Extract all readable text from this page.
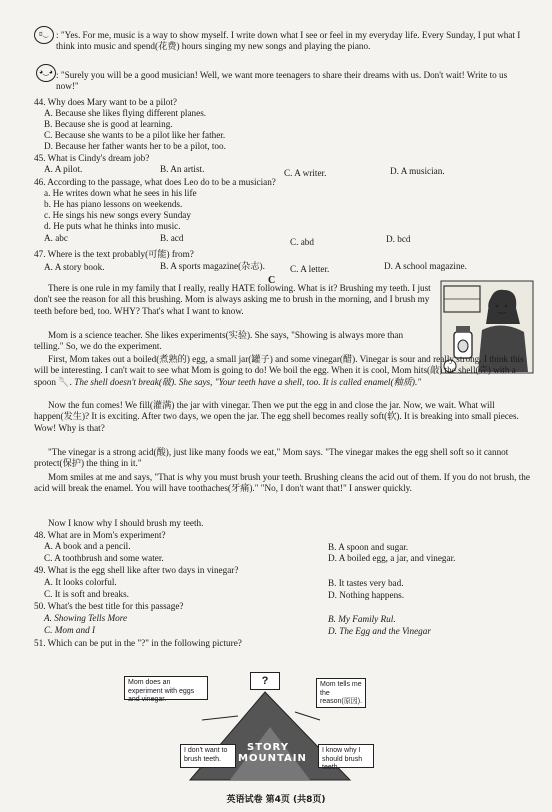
ಠ‿ : "Yes. For me, music is a way to show myself. I write down what I see or feel in my everyday life. Every Sunday, I put what I think into music and spend(花费) hours singing my new songs and playing the piano.
◕‿◕ : "Surely you will be a good musician! Well, we want more teenagers to share their dreams with us. Don't wait! Write to us now!"
44. Why does Mary want to be a pilot?
A. Because she likes flying different planes.
B. Because she is good at learning.
C. Because she wants to be a pilot like her father.
D. Because her father wants her to be a pilot, too.
45. What is Cindy's dream job?
A. A pilot.	B. An artist.	C. A writer.	D. A musician.
46. According to the passage, what does Leo do to be a musician?
a. He writes down what he sees in his life
b. He has piano lessons on weekends.
c. He sings his new songs every Sunday
d. He puts what he thinks into music.
A. abc	B. acd	C. abd	D. bcd
47. Where is the text probably(可能) from?
A. A story book.	B. A sports magazine(杂志).	C. A letter.	D. A school magazine.
C
There is one rule in my family that I really, really HATE following. What is it? Brushing my teeth. I just don't see the reason for all this brushing. Mom is always asking me to brush in the morning, and I brush my teeth before bed, too. WHY? That's what I want to know.
Mom is a science teacher. She likes experiments(实验). She says, "Showing is always more than telling." So, we do the experiment.
First, Mom takes out a boiled(煮熟的) egg, a small jar(罐子) and some vinegar(醋). Vinegar is sour and really strong. I think this will be interesting. I can't wait to see what Mom is going to do! We boil the egg. When it is cool, Mom hits(敲) the shell(壳) with a spoon 🥄. The shell doesn't break(破). She says, "Your teeth have a shell, too. It is called enamel(釉质)."
Now the fun comes! We fill(灌满) the jar with vinegar. Then we put the egg in and close the jar. Now, we wait. What will happen(发生)? It is exciting. After two days, we open the jar. The egg shell becomes really soft(软). It is breaking into small pieces. Wow! Why is that?
"The vinegar is a strong acid(酸), just like many foods we eat," Mom says. "The vinegar makes the egg shell soft so it cannot protect(保护) the thing in it."
Mom smiles at me and says, "That is why you must brush your teeth. Brushing cleans the acid out of them. If you do not brush, the acid will break the enamel. You will have toothaches(牙痛)." "No, I don't want that!" I answer quickly.
Now I know why I should brush my teeth.
48. What are in Mom's experiment?
A. A book and a pencil.	B. A spoon and sugar.
C. A toothbrush and some water.	D. A boiled egg, a jar, and vinegar.
49. What is the egg shell like after two days in vinegar?
A. It looks colorful.	B. It tastes very bad.
C. It is soft and breaks.	D. Nothing happens.
50. What's the best title for this passage?
A. Showing Tells More	B. My Family Rul.
C. Mom and I	D. The Egg and the Vinegar
51. Which can be put in the "?" in the following picture?
Mom does an experiment with eggs and vinegar.
?	Mom tells me the reason(原因).
I don't want to brush teeth.
I know why I should brush teeth.
STORY
MOUNTAIN
英语试卷 第4页 (共8页)
